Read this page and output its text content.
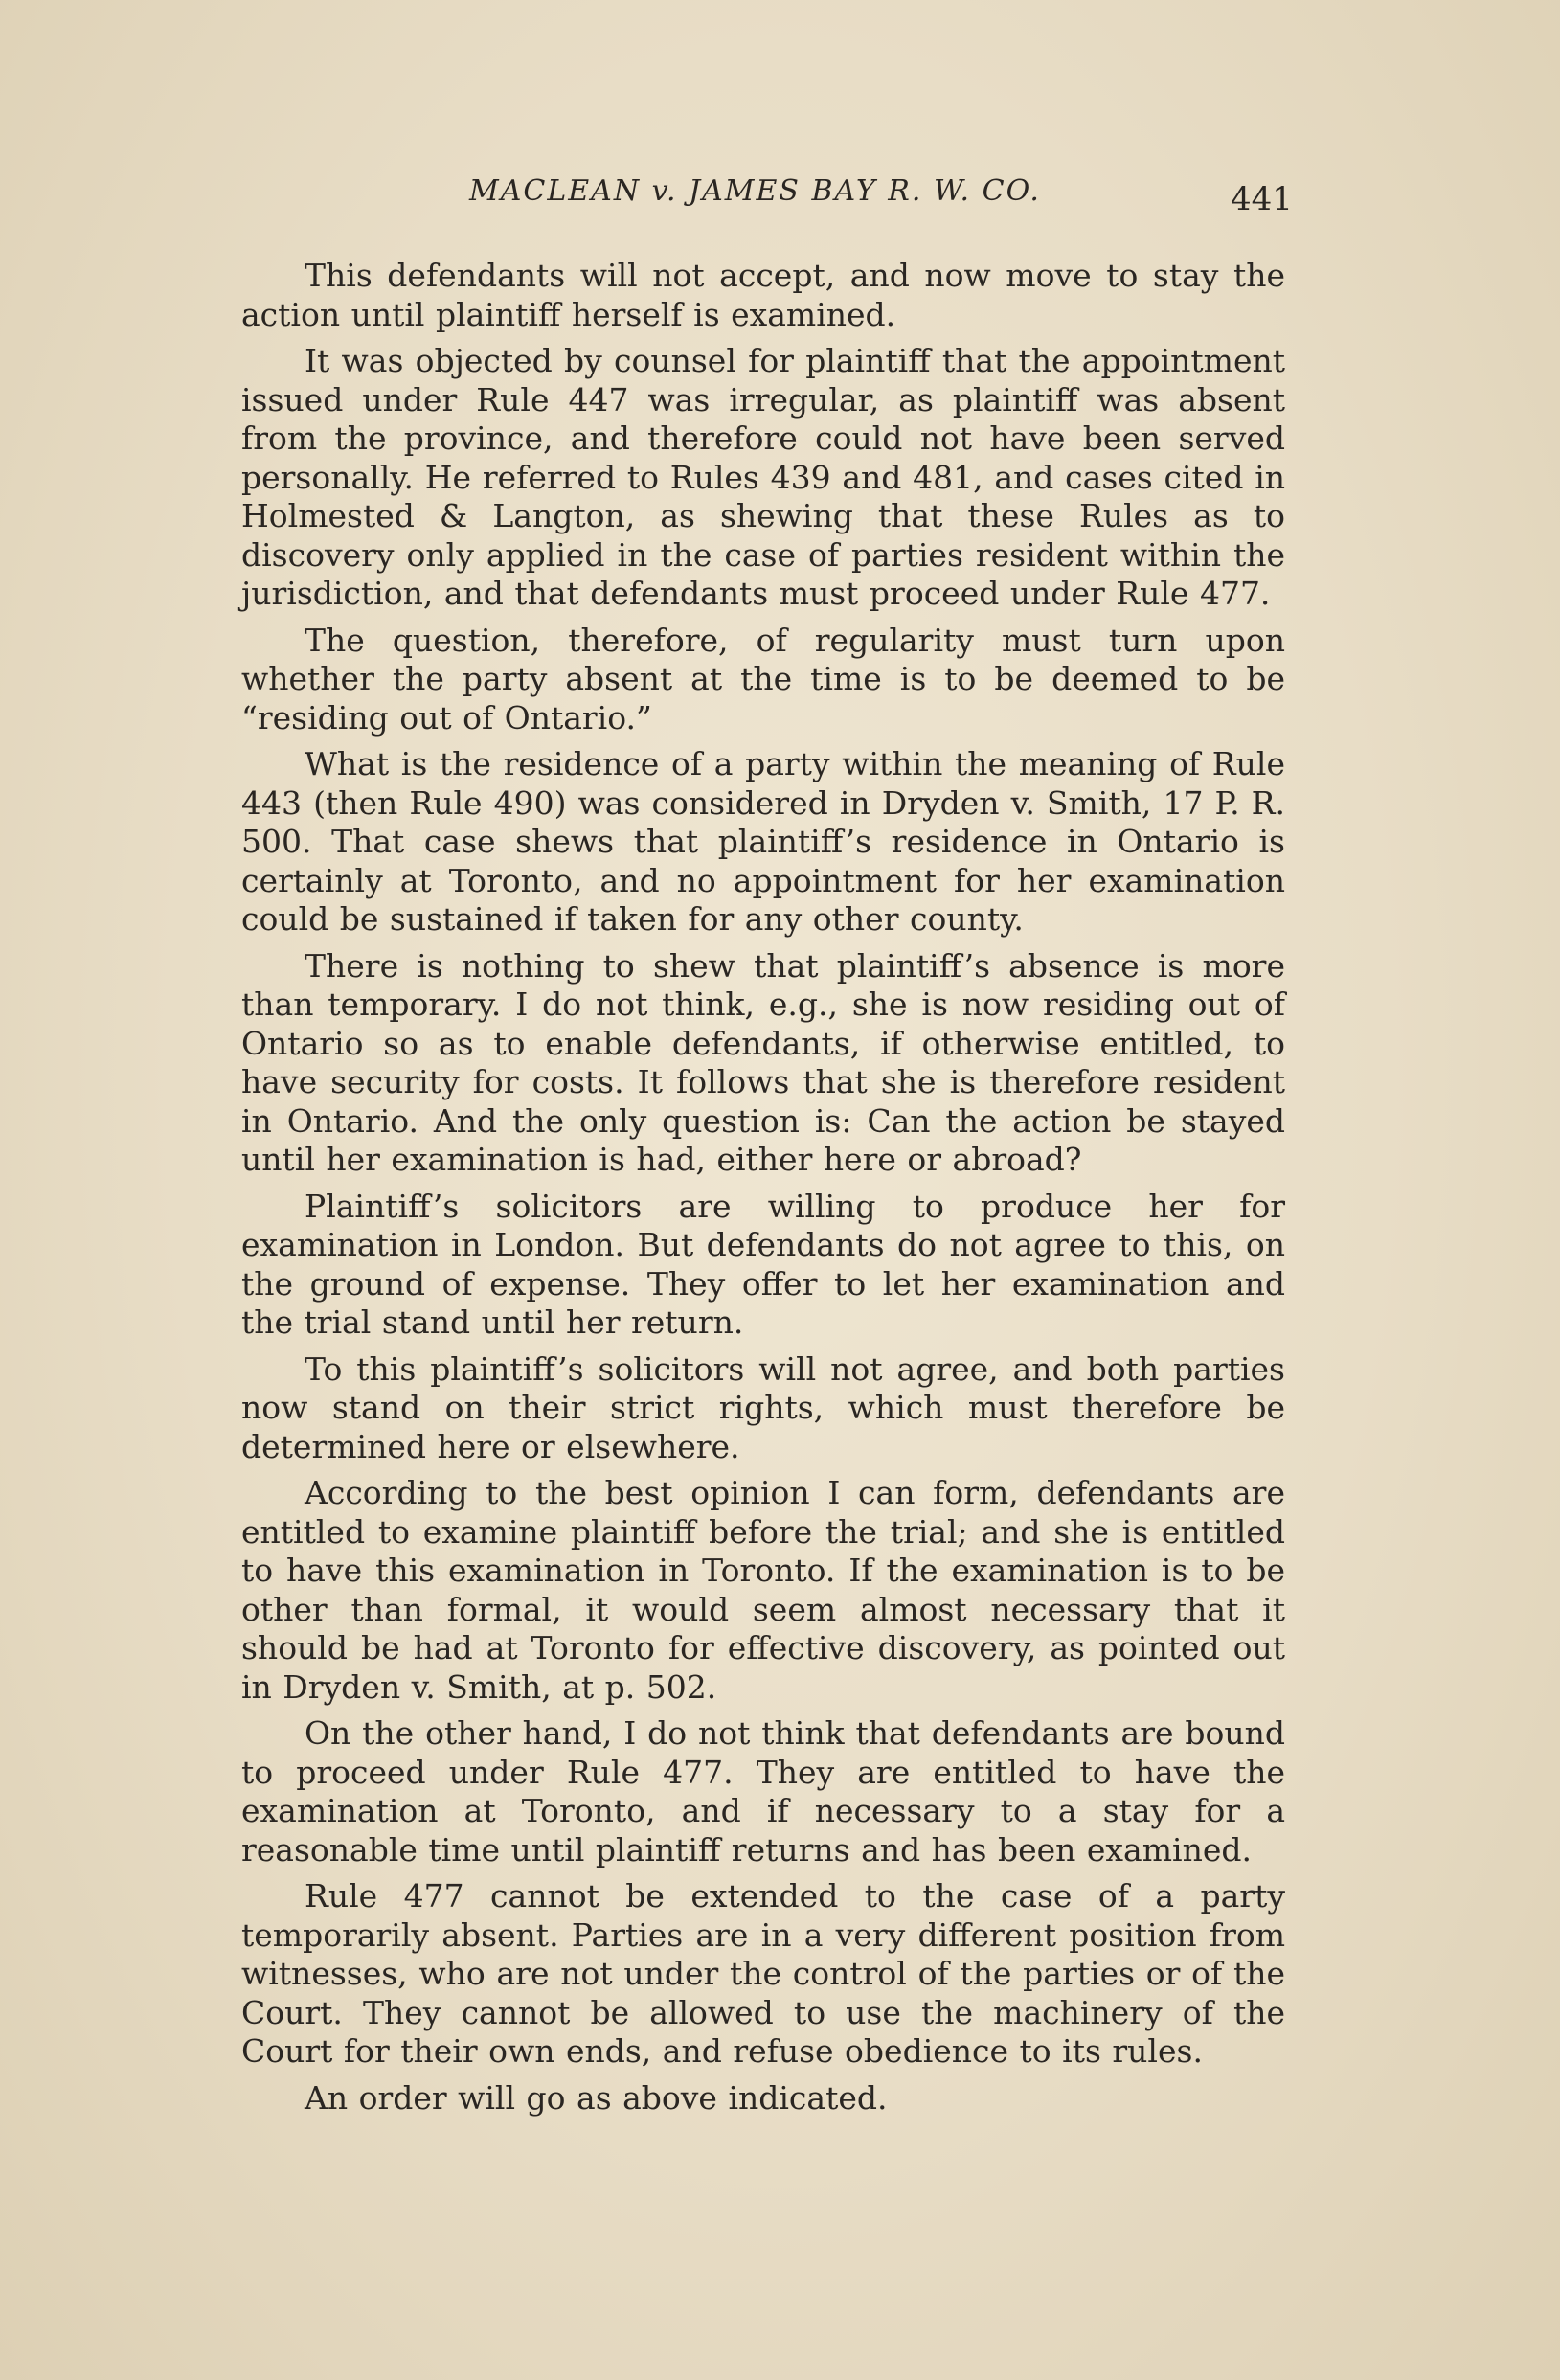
MACLEAN v. JAMES BAY R. W. CO.	441

This defendants will not accept, and now move to stay the action until plaintiff herself is examined.

It was objected by counsel for plaintiff that the appointment issued under Rule 447 was irregular, as plaintiff was absent from the province, and therefore could not have been served personally. He referred to Rules 439 and 481, and cases cited in Holmested & Langton, as shewing that these Rules as to discovery only applied in the case of parties resident within the jurisdiction, and that defendants must proceed under Rule 477.

The question, therefore, of regularity must turn upon whether the party absent at the time is to be deemed to be “residing out of Ontario.”

What is the residence of a party within the meaning of Rule 443 (then Rule 490) was considered in Dryden v. Smith, 17 P. R. 500. That case shews that plaintiff’s residence in Ontario is certainly at Toronto, and no appointment for her examination could be sustained if taken for any other county.

There is nothing to shew that plaintiff’s absence is more than temporary. I do not think, e.g., she is now residing out of Ontario so as to enable defendants, if otherwise entitled, to have security for costs. It follows that she is therefore resident in Ontario. And the only question is: Can the action be stayed until her examination is had, either here or abroad?

Plaintiff’s solicitors are willing to produce her for examination in London. But defendants do not agree to this, on the ground of expense. They offer to let her examination and the trial stand until her return.

To this plaintiff’s solicitors will not agree, and both parties now stand on their strict rights, which must therefore be determined here or elsewhere.

According to the best opinion I can form, defendants are entitled to examine plaintiff before the trial; and she is entitled to have this examination in Toronto. If the examination is to be other than formal, it would seem almost necessary that it should be had at Toronto for effective discovery, as pointed out in Dryden v. Smith, at p. 502.

On the other hand, I do not think that defendants are bound to proceed under Rule 477. They are entitled to have the examination at Toronto, and if necessary to a stay for a reasonable time until plaintiff returns and has been examined.

Rule 477 cannot be extended to the case of a party temporarily absent. Parties are in a very different position from witnesses, who are not under the control of the parties or of the Court. They cannot be allowed to use the machinery of the Court for their own ends, and refuse obedience to its rules.

An order will go as above indicated.
